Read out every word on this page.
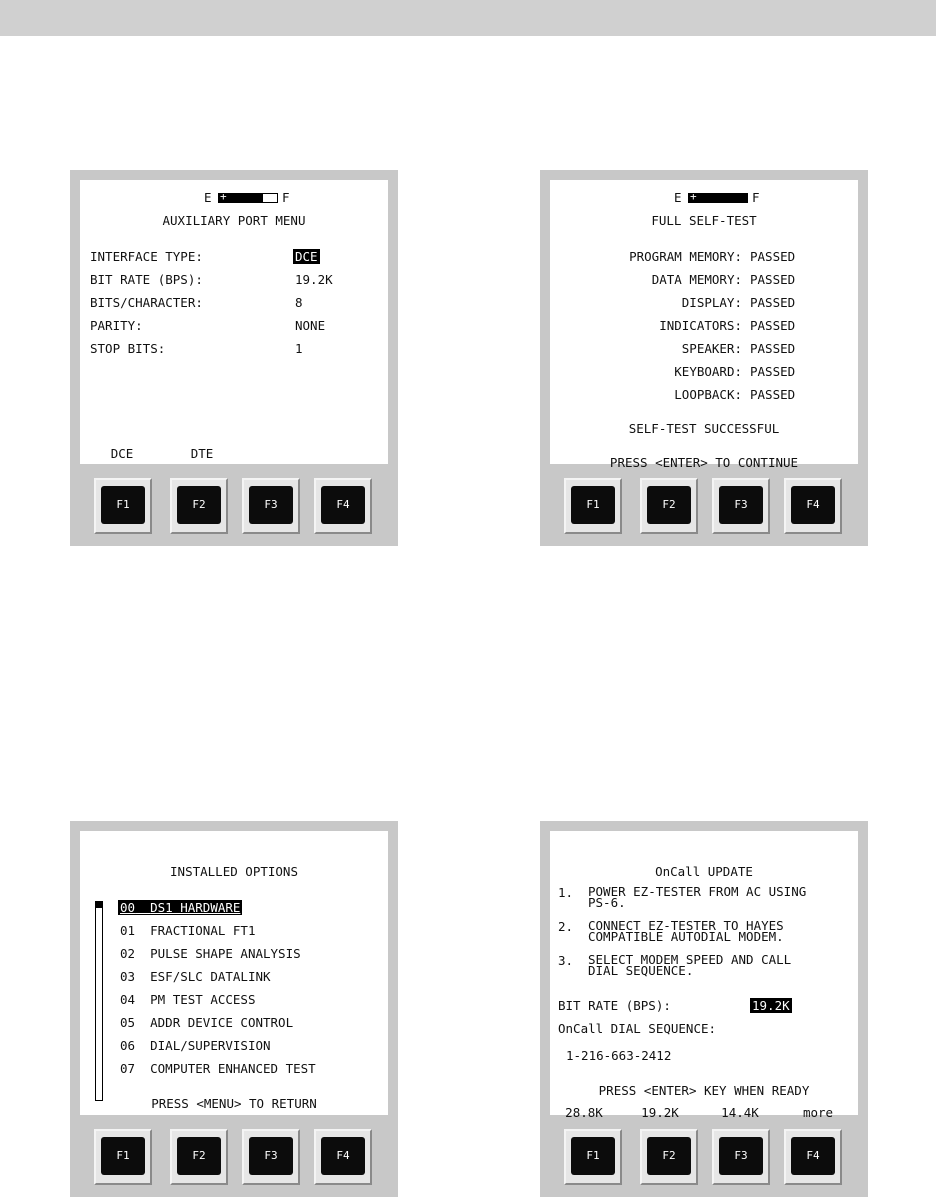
E +	F
AUXILIARY PORT MENU
INTERFACE TYPE:	DCE
BIT RATE (BPS):	19.2K
BITS/CHARACTER:	8
PARITY:	NONE
STOP BITS:	1
DCE	DTE
F1	F2	F3	F4
E +	F
FULL SELF-TEST
PROGRAM MEMORY: PASSED
DATA MEMORY: PASSED
DISPLAY: PASSED
INDICATORS: PASSED
SPEAKER: PASSED
KEYBOARD: PASSED
LOOPBACK: PASSED
SELF-TEST SUCCESSFUL
PRESS <ENTER> TO CONTINUE
F1	F2	F3	F4
INSTALLED OPTIONS
00 DS1 HARDWARE
01 FRACTIONAL FT1
02 PULSE SHAPE ANALYSIS
03 ESF/SLC DATALINK
04 PM TEST ACCESS
05 ADDR DEVICE CONTROL
06 DIAL/SUPERVISION
07 COMPUTER ENHANCED TEST
PRESS <MENU> TO RETURN
F1	F2	F3	F4
OnCall UPDATE
1. POWER EZ-TESTER FROM AC USING
PS-6.
2. CONNECT EZ-TESTER TO HAYES
COMPATIBLE AUTODIAL MODEM.
3. SELECT MODEM SPEED AND CALL
DIAL SEQUENCE.
BIT RATE (BPS):	19.2K
OnCall DIAL SEQUENCE:
1-216-663-2412
PRESS <ENTER> KEY WHEN READY
28.8K	19.2K	14.4K	more
F1	F2	F3	F4
